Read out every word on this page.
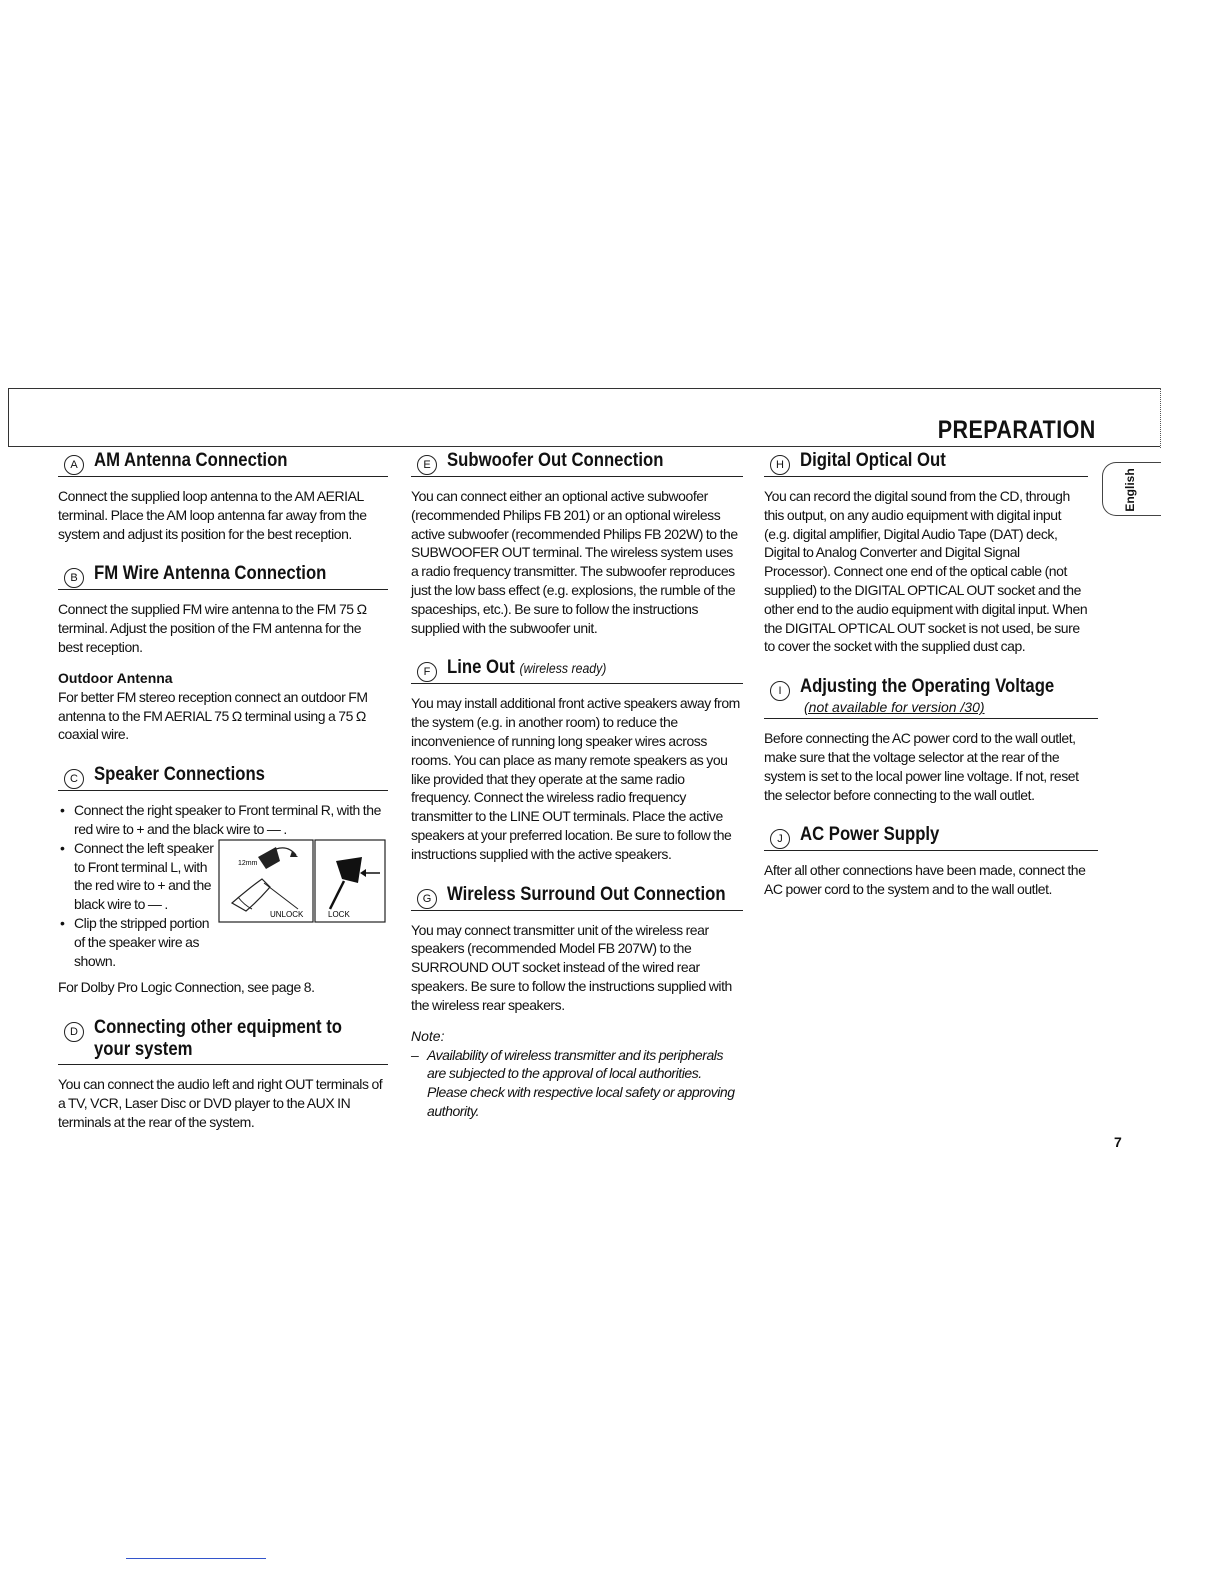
PREPARATION
English
A AM Antenna Connection

Connect the supplied loop antenna to the AM AERIAL terminal. Place the AM loop antenna far away from the system and adjust its position for the best reception.

B FM Wire Antenna Connection

Connect the supplied FM wire antenna to the FM 75 Ω terminal. Adjust the position of the FM antenna for the best reception.

Outdoor Antenna

For better FM stereo reception connect an outdoor FM antenna to the FM AERIAL 75 Ω terminal using a 75 Ω coaxial wire.

C Speaker Connections
• Connect the right speaker to Front terminal R, with the red wire to + and the black wire to — .
• Connect the left speaker to Front terminal L, with the red wire to + and the black wire to — .
• Clip the stripped portion of the speaker wire as shown.
12mm
UNLOCK	LOCK

For Dolby Pro Logic Connection, see page 8.

D Connecting other equipment to your system

You can connect the audio left and right OUT terminals of a TV, VCR, Laser Disc or DVD player to the AUX IN terminals at the rear of the system.

E Subwoofer Out Connection

You can connect either an optional active subwoofer (recommended Philips FB 201) or an optional wireless active subwoofer (recommended Philips FB 202W) to the SUBWOOFER OUT terminal. The wireless system uses a radio frequency transmitter. The subwoofer reproduces just the low bass effect (e.g. explosions, the rumble of the spaceships, etc.). Be sure to follow the instructions supplied with the subwoofer unit.

F Line Out (wireless ready)

You may install additional front active speakers away from the system (e.g. in another room) to reduce the inconvenience of running long speaker wires across rooms. You can place as many remote speakers as you like provided that they operate at the same radio frequency. Connect the wireless radio frequency transmitter to the LINE OUT terminals. Place the active speakers at your preferred location. Be sure to follow the instructions supplied with the active speakers.

G Wireless Surround Out Connection

You may connect transmitter unit of the wireless rear speakers (recommended Model FB 207W) to the SURROUND OUT socket instead of the wired rear speakers. Be sure to follow the instructions supplied with the wireless rear speakers.

Note:

– Availability of wireless transmitter and its peripherals are subjected to the approval of local authorities. Please check with respective local safety or approving authority.

H Digital Optical Out

You can record the digital sound from the CD, through this output, on any audio equipment with digital input (e.g. digital amplifier, Digital Audio Tape (DAT) deck, Digital to Analog Converter and Digital Signal Processor). Connect one end of the optical cable (not supplied) to the DIGITAL OPTICAL OUT socket and the other end to the audio equipment with digital input. When the DIGITAL OPTICAL OUT socket is not used, be sure to cover the socket with the supplied dust cap.

I Adjusting the Operating Voltage
(not available for version /30)

Before connecting the AC power cord to the wall outlet, make sure that the voltage selector at the rear of the system is set to the local power line voltage. If not, reset the selector before connecting to the wall outlet.

J AC Power Supply

After all other connections have been made, connect the AC power cord to the system and to the wall outlet.

7
